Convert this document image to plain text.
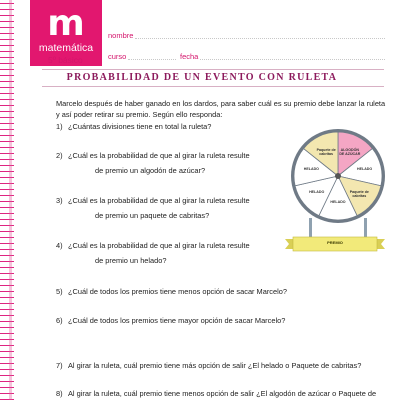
m
matemática
5º básico
nombre
curso	fecha
PROBABILIDAD DE UN EVENTO CON RULETA
Marcelo después de haber ganado en los dardos, para saber cuál es su premio debe lanzar la ruleta y así poder retirar su premio. Según ello responda:
1) ¿Cuántas divisiones tiene en total la ruleta?
2) ¿Cuál es la probabilidad de que al girar la ruleta resulte
de premio un algodón de azúcar?
3) ¿Cuál es la probabilidad de que al girar la ruleta resulte
de premio un paquete de cabritas?
4) ¿Cuál es la probabilidad de que al girar la ruleta resulte
de premio un helado?
5) ¿Cuál de todos los premios tiene menos opción de sacar Marcelo?
6) ¿Cuál de todos los premios tiene mayor opción de sacar Marcelo?
7) Al girar la ruleta, cuál premio tiene más opción de salir ¿El helado o Paquete de cabritas?
8) Al girar la ruleta, cuál premio tiene menos opción de salir ¿El algodón de azúcar o Paquete de
ALGODÓN DE AZÚCAR
HELADO
Paquete de cabritas
HELADO
HELADO
HELADO
Paquete de cabritas
PREMIO
